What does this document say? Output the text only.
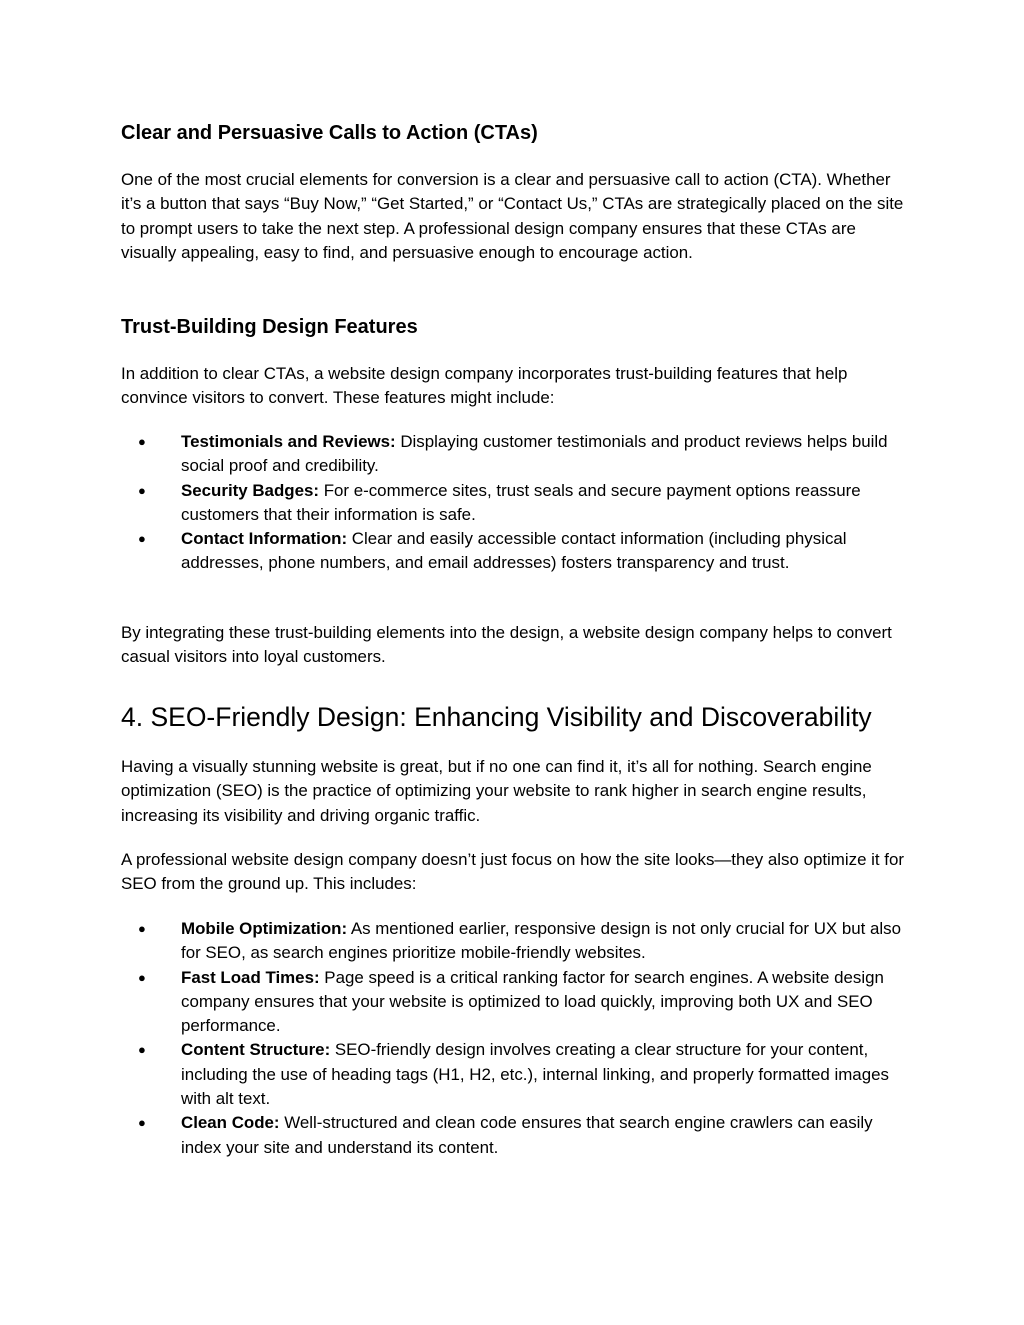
Clear and Persuasive Calls to Action (CTAs)

One of the most crucial elements for conversion is a clear and persuasive call to action (CTA). Whether it’s a button that says “Buy Now,” “Get Started,” or “Contact Us,” CTAs are strategically placed on the site to prompt users to take the next step. A professional design company ensures that these CTAs are visually appealing, easy to find, and persuasive enough to encourage action.

Trust-Building Design Features

In addition to clear CTAs, a website design company incorporates trust-building features that help convince visitors to convert. These features might include:

● Testimonials and Reviews: Displaying customer testimonials and product reviews helps build social proof and credibility.
● Security Badges: For e-commerce sites, trust seals and secure payment options reassure customers that their information is safe.
● Contact Information: Clear and easily accessible contact information (including physical addresses, phone numbers, and email addresses) fosters transparency and trust.

By integrating these trust-building elements into the design, a website design company helps to convert casual visitors into loyal customers.

4. SEO-Friendly Design: Enhancing Visibility and Discoverability

Having a visually stunning website is great, but if no one can find it, it’s all for nothing. Search engine optimization (SEO) is the practice of optimizing your website to rank higher in search engine results, increasing its visibility and driving organic traffic.

A professional website design company doesn’t just focus on how the site looks—they also optimize it for SEO from the ground up. This includes:

● Mobile Optimization: As mentioned earlier, responsive design is not only crucial for UX but also for SEO, as search engines prioritize mobile-friendly websites.
● Fast Load Times: Page speed is a critical ranking factor for search engines. A website design company ensures that your website is optimized to load quickly, improving both UX and SEO performance.
● Content Structure: SEO-friendly design involves creating a clear structure for your content, including the use of heading tags (H1, H2, etc.), internal linking, and properly formatted images with alt text.
● Clean Code: Well-structured and clean code ensures that search engine crawlers can easily index your site and understand its content.
